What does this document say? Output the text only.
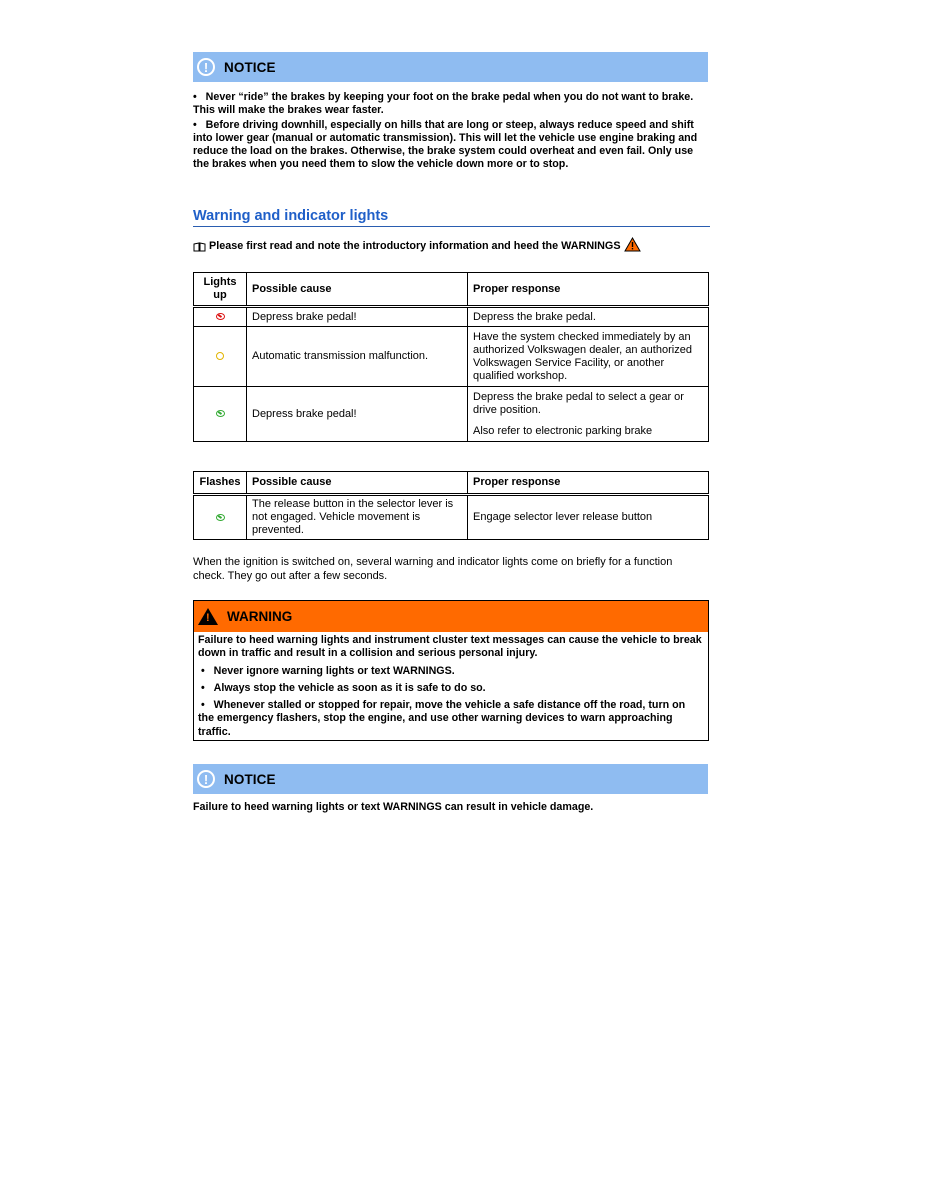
!	NOTICE
•   Never “ride” the brakes by keeping your foot on the brake pedal when you do not want to brake. This will make the brakes wear faster.
•   Before driving downhill, especially on hills that are long or steep, always reduce speed and shift into lower gear (manual or automatic transmission). This will let the vehicle use engine braking and reduce the load on the brakes. Otherwise, the brake system could overheat and even fail. Only use the brakes when you need them to slow the vehicle down more or to stop.
Warning and indicator lights
Please first read and note the introductory information and heed the WARNINGS
Lights up	Possible cause	Proper response

	Depress brake pedal!	Depress the brake pedal.
	Automatic transmission malfunction.	Have the system checked immediately by an authorized Volkswagen dealer, an authorized Volkswagen Service Facility, or another qualified workshop.

	Depress brake pedal!	Depress the brake pedal to select a gear or drive position.
Also refer to electronic parking brake
Flashes	Possible cause	Proper response

	The release button in the selector lever is not engaged. Vehicle movement is prevented.	Engage selector lever release button
When the ignition is switched on, several warning and indicator lights come on briefly for a function check. They go out after a few seconds.
! WARNING
Failure to heed warning lights and instrument cluster text messages can cause the vehicle to break down in traffic and result in a collision and serious personal injury.
•   Never ignore warning lights or text WARNINGS.
•   Always stop the vehicle as soon as it is safe to do so.
•   Whenever stalled or stopped for repair, move the vehicle a safe distance off the road, turn on the emergency flashers, stop the engine, and use other warning devices to warn approaching traffic.
!	NOTICE
Failure to heed warning lights or text WARNINGS can result in vehicle damage.
